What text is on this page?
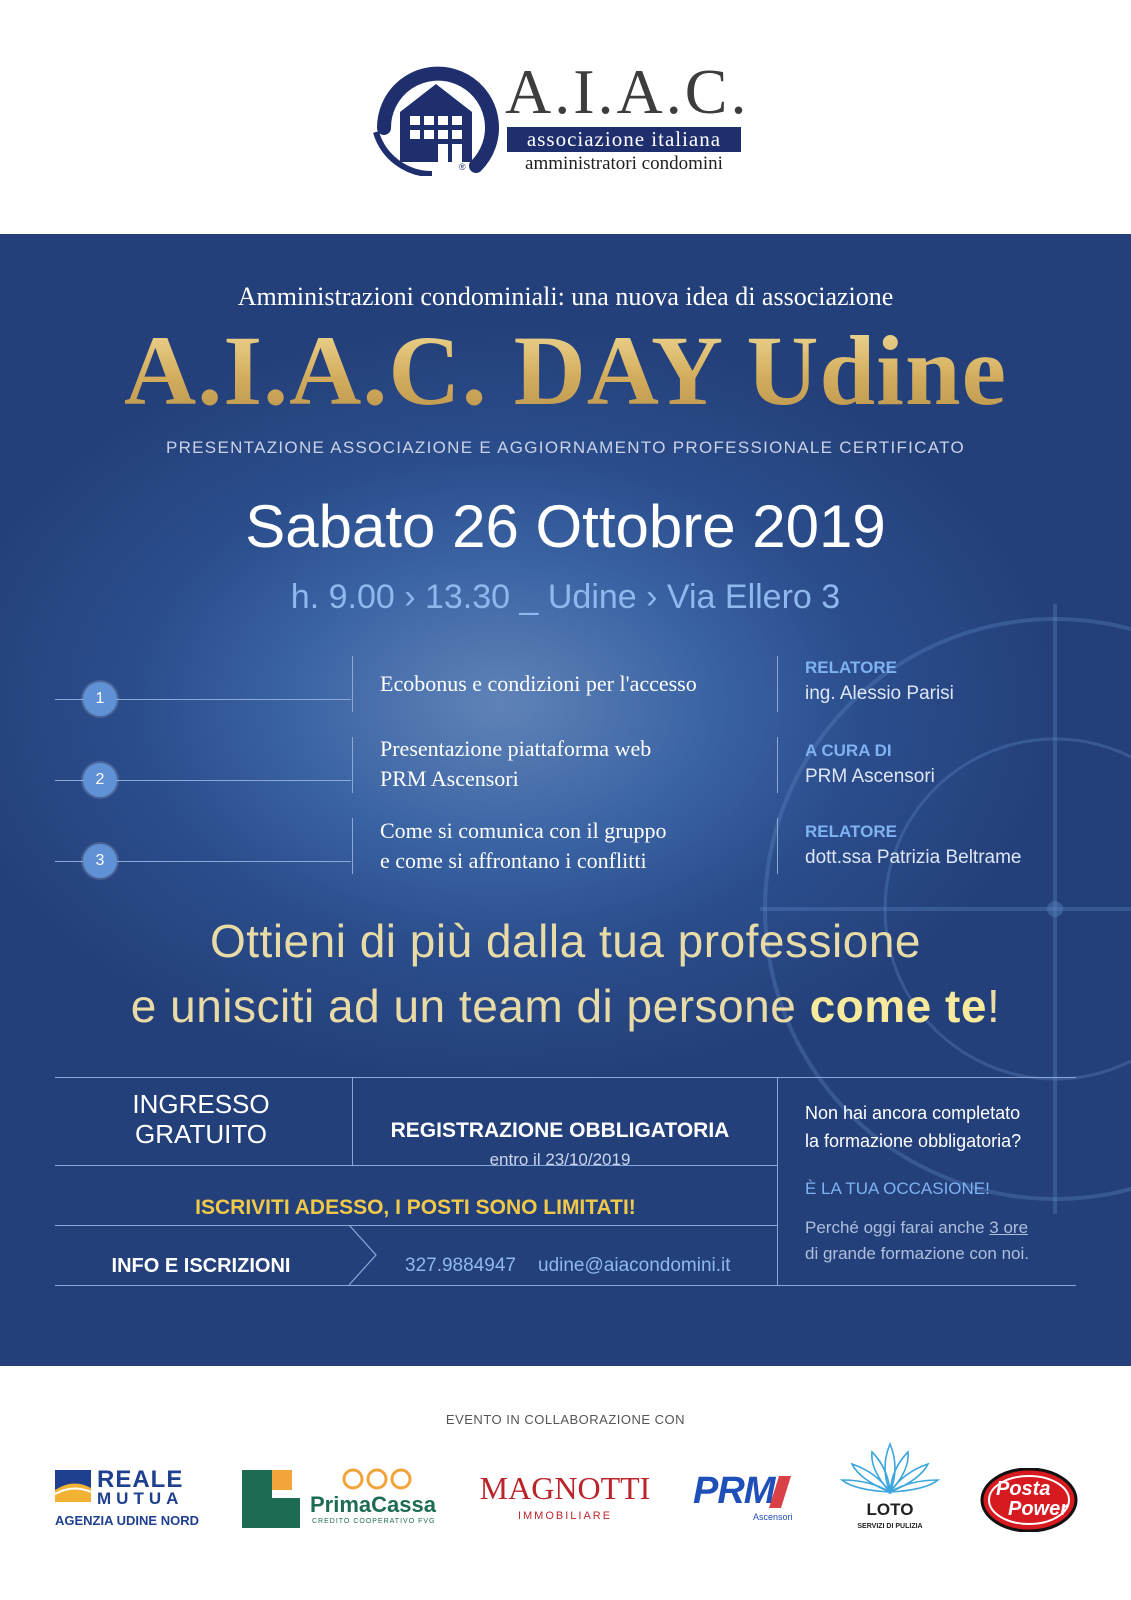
®
A.I.A.C.
associazione italiana
amministratori condomini
Amministrazioni condominiali: una nuova idea di associazione
A.I.A.C. DAY Udine
PRESENTAZIONE ASSOCIAZIONE E AGGIORNAMENTO PROFESSIONALE CERTIFICATO
Sabato 26 Ottobre 2019
h. 9.00 › 13.30 _ Udine › Via Ellero 3
1
Ecobonus e condizioni per l'accesso
RELATORE
ing. Alessio Parisi
2
Presentazione piattaforma web
PRM Ascensori
A CURA DI
PRM Ascensori
3
Come si comunica con il gruppo
e come si affrontano i conflitti
RELATORE
dott.ssa Patrizia Beltrame
Ottieni di più dalla tua professione
e unisciti ad un team di persone come te!
INGRESSO
GRATUITO	REGISTRAZIONE OBBLIGATORIA
entro il 23/10/2019
ISCRIVITI ADESSO, I POSTI SONO LIMITATI!
INFO E ISCRIZIONI	327.9884947 udine@aiacondomini.it
Non hai ancora completato
la formazione obbligatoria?
È LA TUA OCCASIONE!
Perché oggi farai anche 3 ore
di grande formazione con noi.
EVENTO IN COLLABORAZIONE CON
REALE
MUTUA
AGENZIA UDINE NORD
PrimaCassa
CREDITO COOPERATIVO FVG
MAGNOTTI
IMMOBILIARE
PRM
Ascensori	LOTO
SERVIZI DI PULIZIA
Posta
Power
